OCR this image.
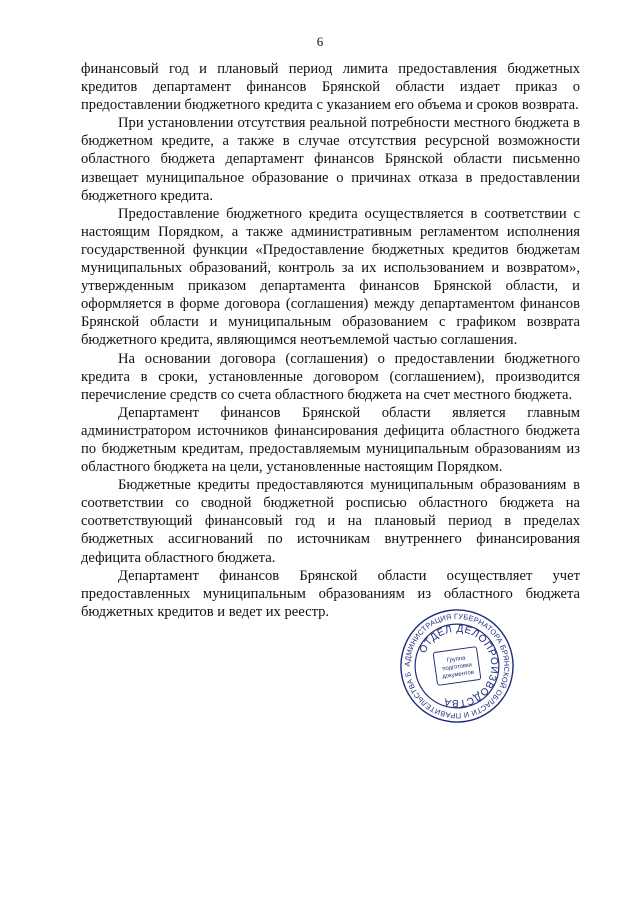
6

финансовый год и плановый период лимита предоставления бюджетных кредитов департамент финансов Брянской области издает приказ о предоставлении бюджетного кредита с указанием его объема и сроков возврата.

При установлении отсутствия реальной потребности местного бюджета в бюджетном кредите, а также в случае отсутствия ресурсной возможности областного бюджета департамент финансов Брянской области письменно извещает муниципальное образование о причинах отказа в предоставлении бюджетного кредита.

Предоставление бюджетного кредита осуществляется в соответствии с настоящим Порядком, а также административным регламентом исполнения государственной функции «Предоставление бюджетных кредитов бюджетам муниципальных образований, контроль за их использованием и возвратом», утвержденным приказом департамента финансов Брянской области, и оформляется в форме договора (соглашения) между департаментом финансов Брянской области и муниципальным образованием с графиком возврата бюджетного кредита, являющимся неотъемлемой частью соглашения.

На основании договора (соглашения) о предоставлении бюджетного кредита в сроки, установленные договором (соглашением), производится перечисление средств со счета областного бюджета на счет местного бюджета.

Департамент финансов Брянской области является главным администратором источников финансирования дефицита областного бюджета по бюджетным кредитам, предоставляемым муниципальным образованиям из областного бюджета на цели, установленные настоящим Порядком.

Бюджетные кредиты предоставляются муниципальным образованиям в соответствии со сводной бюджетной росписью областного бюджета на соответствующий финансовый год и на плановый период в пределах бюджетных ассигнований по источникам внутреннего финансирования дефицита областного бюджета.

Департамент финансов Брянской области осуществляет учет предоставленных муниципальным образованиям из областного бюджета бюджетных кредитов и ведет их реестр.

АДМИНИСТРАЦИЯ ГУБЕРНАТОРА БРЯНСКОЙ ОБЛАСТИ И ПРАВИТЕЛЬСТВА БРЯНСКОЙ
ОТДЕЛ ДЕЛОПРОИЗВОДСТВА
Группа
подготовки
документов
